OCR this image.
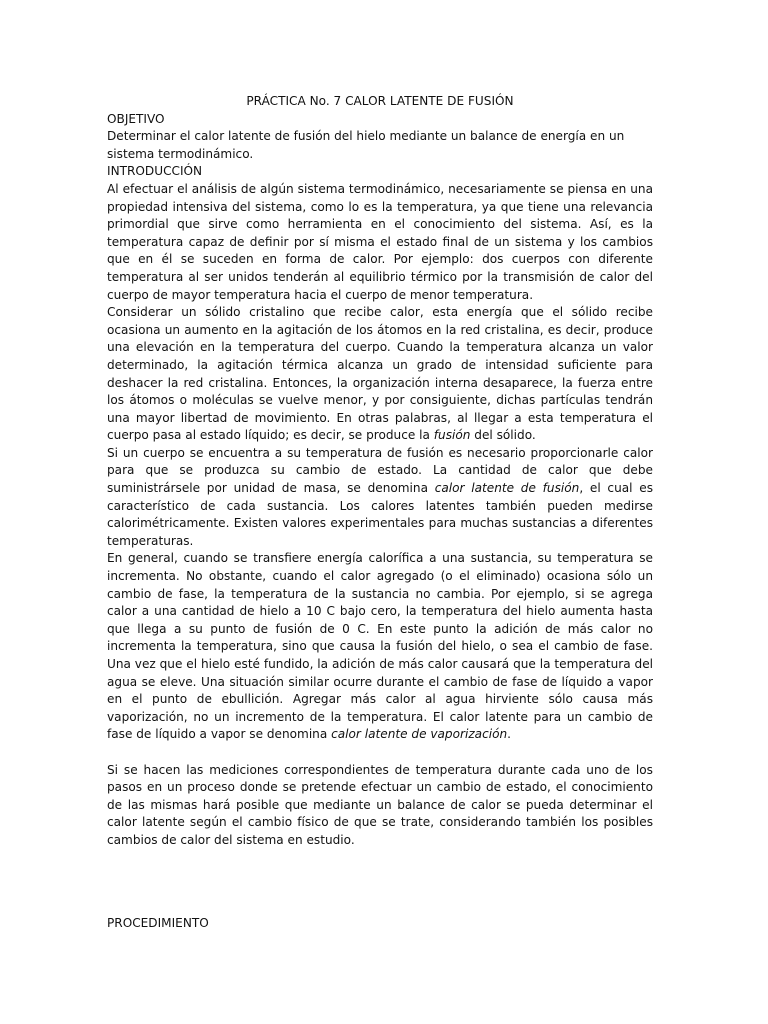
PRÁCTICA No. 7 CALOR LATENTE DE FUSIÓN
OBJETIVO

Determinar el calor latente de fusión del hielo mediante un balance de energía en un sistema termodinámico.

INTRODUCCIÓN

Al efectuar el análisis de algún sistema termodinámico, necesariamente se piensa en una propiedad intensiva del sistema, como lo es la temperatura, ya que tiene una relevancia primordial que sirve como herramienta en el conocimiento del sistema. Así, es la temperatura capaz de definir por sí misma el estado final de un sistema y los cambios que en él se suceden en forma de calor. Por ejemplo: dos cuerpos con diferente temperatura al ser unidos tenderán al equilibrio térmico por la transmisión de calor del cuerpo de mayor temperatura hacia el cuerpo de menor temperatura.

Considerar un sólido cristalino que recibe calor, esta energía que el sólido recibe ocasiona un aumento en la agitación de los átomos en la red cristalina, es decir, produce una elevación en la temperatura del cuerpo. Cuando la temperatura alcanza un valor determinado, la agitación térmica alcanza un grado de intensidad suficiente para deshacer la red cristalina. Entonces, la organización interna desaparece, la fuerza entre los átomos o moléculas se vuelve menor, y por consiguiente, dichas partículas tendrán una mayor libertad de movimiento. En otras palabras, al llegar a esta temperatura el cuerpo pasa al estado líquido; es decir, se produce la fusión del sólido.

Si un cuerpo se encuentra a su temperatura de fusión es necesario proporcionarle calor para que se produzca su cambio de estado. La cantidad de calor que debe suministrársele por unidad de masa, se denomina calor latente de fusión, el cual es característico de cada sustancia. Los calores latentes también pueden medirse calorimétricamente. Existen valores experimentales para muchas sustancias a diferentes temperaturas.

En general, cuando se transfiere energía calorífica a una sustancia, su temperatura se incrementa. No obstante, cuando el calor agregado (o el eliminado) ocasiona sólo un cambio de fase, la temperatura de la sustancia no cambia. Por ejemplo, si se agrega calor a una cantidad de hielo a 10 C bajo cero, la temperatura del hielo aumenta hasta que llega a su punto de fusión de 0 C. En este punto la adición de más calor no incrementa la temperatura, sino que causa la fusión del hielo, o sea el cambio de fase. Una vez que el hielo esté fundido, la adición de más calor causará que la temperatura del agua se eleve. Una situación similar ocurre durante el cambio de fase de líquido a vapor en el punto de ebullición. Agregar más calor al agua hirviente sólo causa más vaporización, no un incremento de la temperatura. El calor latente para un cambio de fase de líquido a vapor se denomina calor latente de vaporización.

Si se hacen las mediciones correspondientes de temperatura durante cada uno de los pasos en un proceso donde se pretende efectuar un cambio de estado, el conocimiento de las mismas hará posible que mediante un balance de calor se pueda determinar el calor latente según el cambio físico de que se trate, considerando también los posibles cambios de calor del sistema en estudio.

PROCEDIMIENTO
